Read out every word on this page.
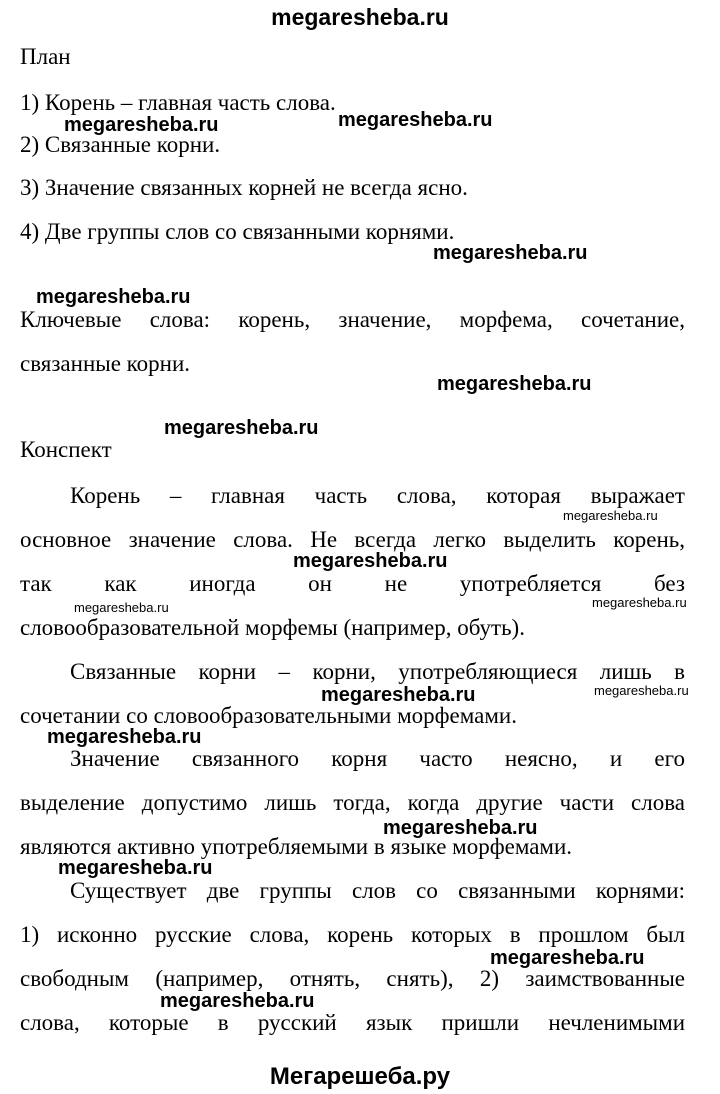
megaresheba.ru

План

1) Корень – главная часть слова.

2) Связанные корни.

3) Значение связанных корней не всегда ясно.

4) Две группы слов со связанными корнями.

Ключевые слова: корень, значение, морфема, сочетание,

связанные корни.

Конспект

Корень – главная часть слова, которая выражает

основное значение слова. Не всегда легко выделить корень,

так как иногда он не употребляется без

словообразовательной морфемы (например, обуть).

Связанные корни – корни, употребляющиеся лишь в

сочетании со словообразовательными морфемами.

Значение связанного корня часто неясно, и его

выделение допустимо лишь тогда, когда другие части слова

являются активно употребляемыми в языке морфемами.

Существует две группы слов со связанными корнями:

1) исконно русские слова, корень которых в прошлом был

свободным (например, отнять, снять), 2) заимствованные

слова, которые в русский язык пришли нечленимыми

megaresheba.ru	megaresheba.ru
megaresheba.ru
megaresheba.ru
megaresheba.ru
megaresheba.ru
megaresheba.ru
megaresheba.ru
megaresheba.ru	megaresheba.ru
megaresheba.ru
megaresheba.ru
megaresheba.ru
megaresheba.ru
megaresheba.ru
megaresheba.ru
megaresheba.ru
Мегарешеба.ру
